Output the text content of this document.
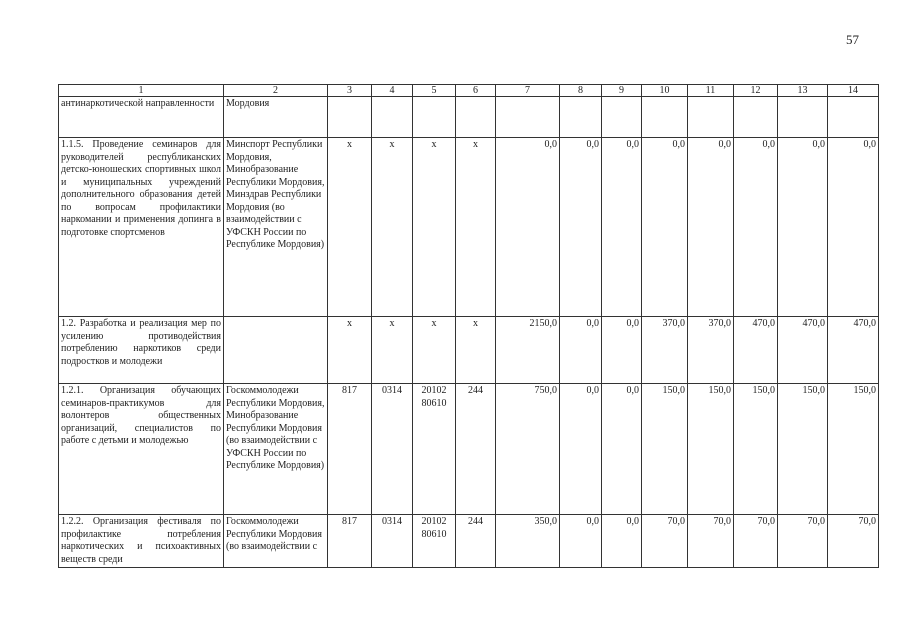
57
1	2	3	4	5	6	7	8	9	10	11	12	13	14
антинаркотической направленности	Мордовия												
1.1.5. Проведение семинаров для руководителей республиканских детско-юношеских спортивных школ и муниципальных учреждений дополнительного образования детей по вопросам профилактики наркомании и применения допинга в подготовке спортсменов	Минспорт Республики Мордовия, Минобразование Республики Мордовия, Минздрав Республики Мордовия (во взаимодействии с УФСКН России по Республике Мордовия)	х	х	х	х	0,0	0,0	0,0	0,0	0,0	0,0	0,0	0,0
1.2. Разработка и реализация мер по усилению противодействия потреблению наркотиков среди подростков и молодежи		х	х	х	х	2150,0	0,0	0,0	370,0	370,0	470,0	470,0	470,0
1.2.1. Организация обучающих семинаров-практикумов для волонтеров общественных организаций, специалистов по работе с детьми и молодежью	Госкоммолодежи Республики Мордовия, Минобразование Республики Мордовия (во взаимодействии с УФСКН России по Республике Мордовия)	817	0314	20102 80610	244	750,0	0,0	0,0	150,0	150,0	150,0	150,0	150,0
1.2.2. Организация фестиваля по профилактике потребления наркотических и психоактивных веществ среди	Госкоммолодежи Республики Мордовия (во взаимодействии с	817	0314	20102 80610	244	350,0	0,0	0,0	70,0	70,0	70,0	70,0	70,0
